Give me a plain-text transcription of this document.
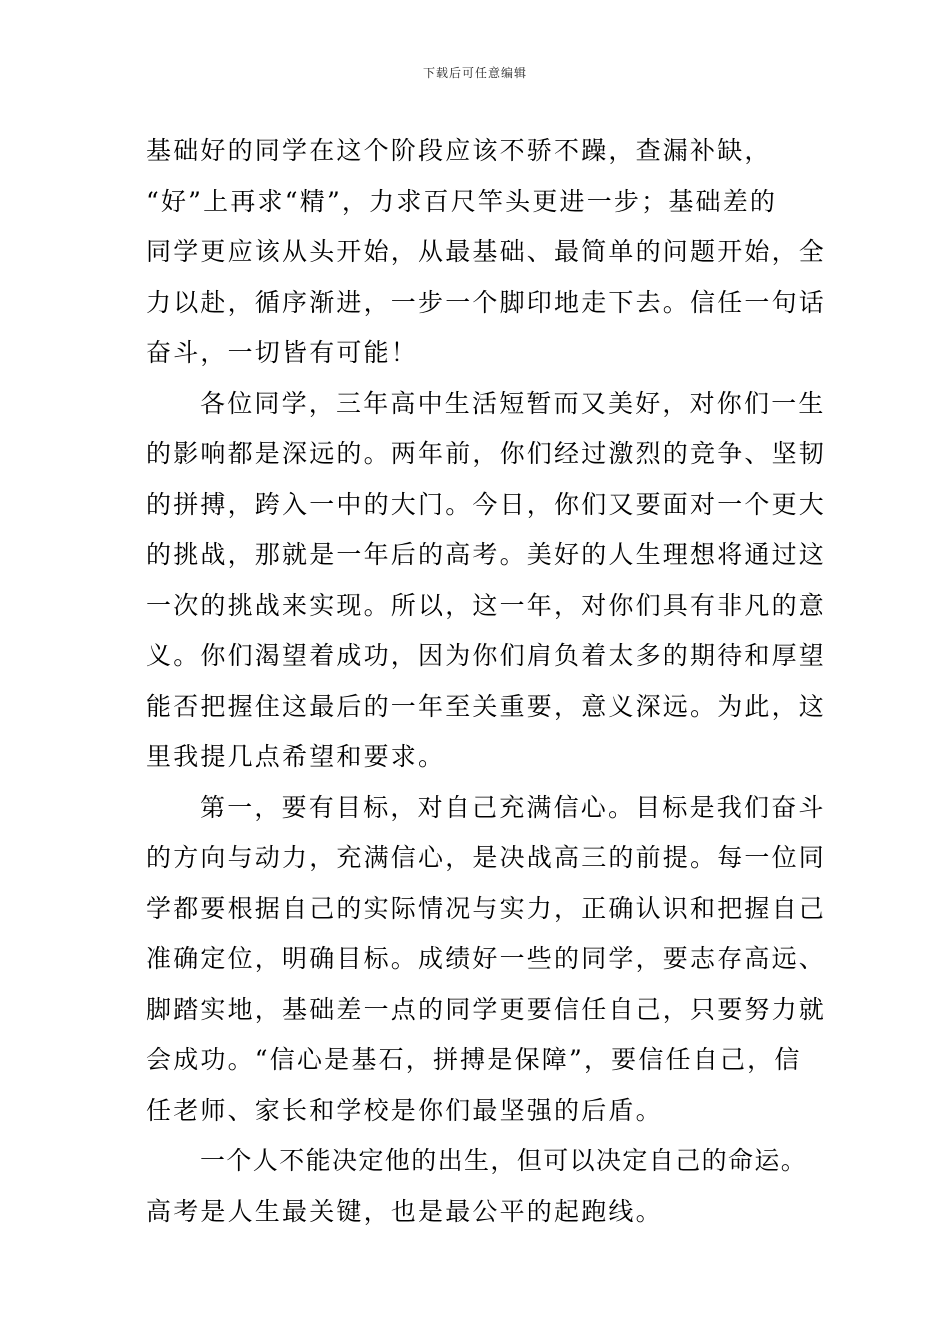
下载后可任意编辑
基础好的同学在这个阶段应该不骄不躁，查漏补缺，
“好”上再求“精”，力求百尺竿头更进一步；基础差的
同学更应该从头开始，从最基础、最简单的问题开始，全
力以赴，循序渐进，一步一个脚印地走下去。信任一句话
奋斗，一切皆有可能！
各位同学，三年高中生活短暂而又美好，对你们一生
的影响都是深远的。两年前，你们经过激烈的竞争、坚韧
的拼搏，跨入一中的大门。今日，你们又要面对一个更大
的挑战，那就是一年后的高考。美好的人生理想将通过这
一次的挑战来实现。所以，这一年，对你们具有非凡的意
义。你们渴望着成功，因为你们肩负着太多的期待和厚望
能否把握住这最后的一年至关重要，意义深远。为此，这
里我提几点希望和要求。
第一，要有目标，对自己充满信心。目标是我们奋斗
的方向与动力，充满信心，是决战高三的前提。每一位同
学都要根据自己的实际情况与实力，正确认识和把握自己
准确定位，明确目标。成绩好一些的同学，要志存高远、
脚踏实地，基础差一点的同学更要信任自己，只要努力就
会成功。“信心是基石，拼搏是保障”，要信任自己，信
任老师、家长和学校是你们最坚强的后盾。
一个人不能决定他的出生，但可以决定自己的命运。
高考是人生最关键，也是最公平的起跑线。
